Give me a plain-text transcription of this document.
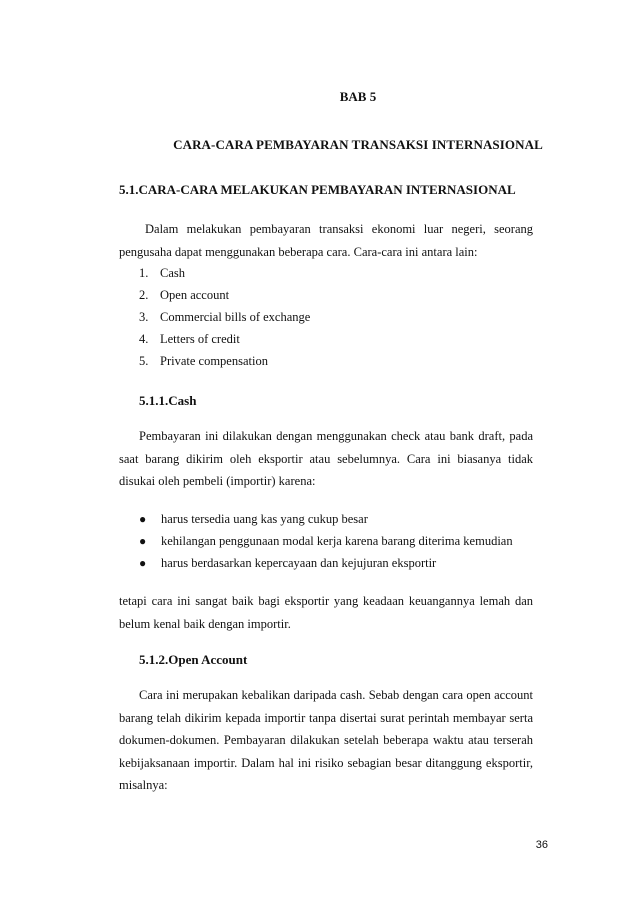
BAB 5
CARA-CARA PEMBAYARAN TRANSAKSI INTERNASIONAL
5.1.CARA-CARA MELAKUKAN PEMBAYARAN INTERNASIONAL
Dalam melakukan pembayaran transaksi ekonomi luar negeri, seorang pengusaha dapat menggunakan beberapa cara. Cara-cara ini antara lain:
1. Cash
2. Open account
3. Commercial bills of exchange
4. Letters of credit
5. Private compensation
5.1.1.Cash
Pembayaran ini dilakukan dengan menggunakan check atau bank draft, pada saat barang dikirim oleh eksportir atau sebelumnya. Cara ini biasanya tidak disukai oleh pembeli (importir) karena:
●	harus tersedia uang kas yang cukup besar
●	kehilangan penggunaan modal kerja karena barang diterima kemudian
●	harus berdasarkan kepercayaan dan kejujuran eksportir
tetapi cara ini sangat baik bagi eksportir yang keadaan keuangannya lemah dan belum kenal baik dengan importir.
5.1.2.Open Account
Cara ini merupakan kebalikan daripada cash. Sebab dengan cara open account barang telah dikirim kepada importir tanpa disertai surat perintah membayar serta dokumen-dokumen. Pembayaran dilakukan setelah beberapa waktu atau terserah kebijaksanaan importir. Dalam hal ini risiko sebagian besar ditanggung eksportir, misalnya:
36
